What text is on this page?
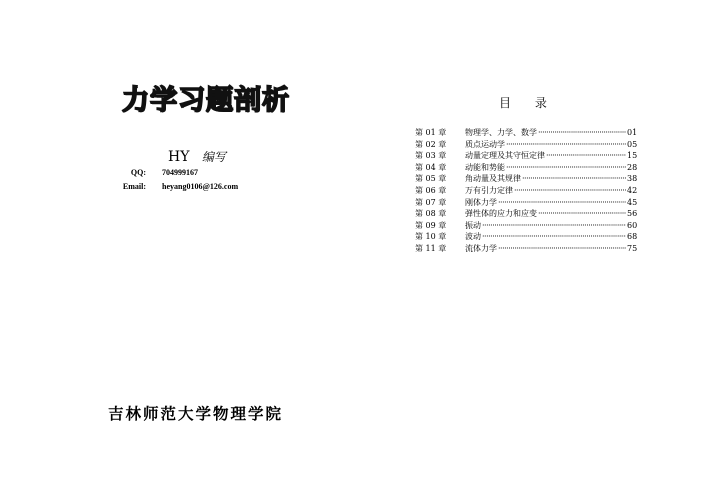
力学习题剖析
HY 编写
QQ: 704999167
Email: heyang0106@126.com
吉林师范大学物理学院
目 录
第 01 章	物理学、力学、数学 ·····	01
第 02 章	质点运动学 ·····	05
第 03 章	动量定理及其守恒定律 ·····	15
第 04 章	动能和势能 ·····	28
第 05 章	角动量及其规律 ·····	38
第 06 章	万有引力定律 ·····	42
第 07 章	刚体力学 ·····	45
第 08 章	弹性体的应力和应变 ·····	56
第 09 章	振动 ·····	60
第 10 章	波动 ·····	68
第 11 章	流体力学 ·····	75
